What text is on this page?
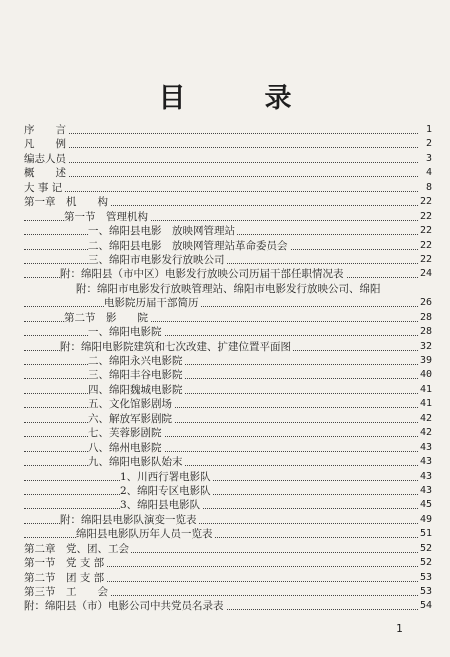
目　录
序　　言	1
凡　　例	2
编志人员	3
概　　述	4
大 事 记	8
第一章　机　　构	22
第一节　管理机构	22
一、绵阳县电影　放映网管理站	22
二、绵阳县电影　放映网管理站革命委员会	22
三、绵阳市电影发行放映公司	22
附：绵阳县（市中区）电影发行放映公司历届干部任职情况表	24
附：绵阳市电影发行放映管理站、绵阳市电影发行放映公司、绵阳
电影院历届干部简历	26
第二节　影　　院	28
一、绵阳电影院	28
附：绵阳电影院建筑和七次改建、扩建位置平面图	32
二、绵阳永兴电影院	39
三、绵阳丰谷电影院	40
四、绵阳魏城电影院	41
五、文化馆影剧场	41
六、解放军影剧院	42
七、芙蓉影剧院	42
八、绵州电影院	43
九、绵阳电影队始末	43
1、川西行署电影队	43
2、绵阳专区电影队	43
3、绵阳县电影队	45
附：绵阳县电影队演变一览表	49
绵阳县电影队历年人员一览表	51
第二章　党、团、工会	52
第一节　党 支 部	52
第二节　团 支 部	53
第三节　工　　会	53
附：绵阳县（市）电影公司中共党员名录表	54
1
